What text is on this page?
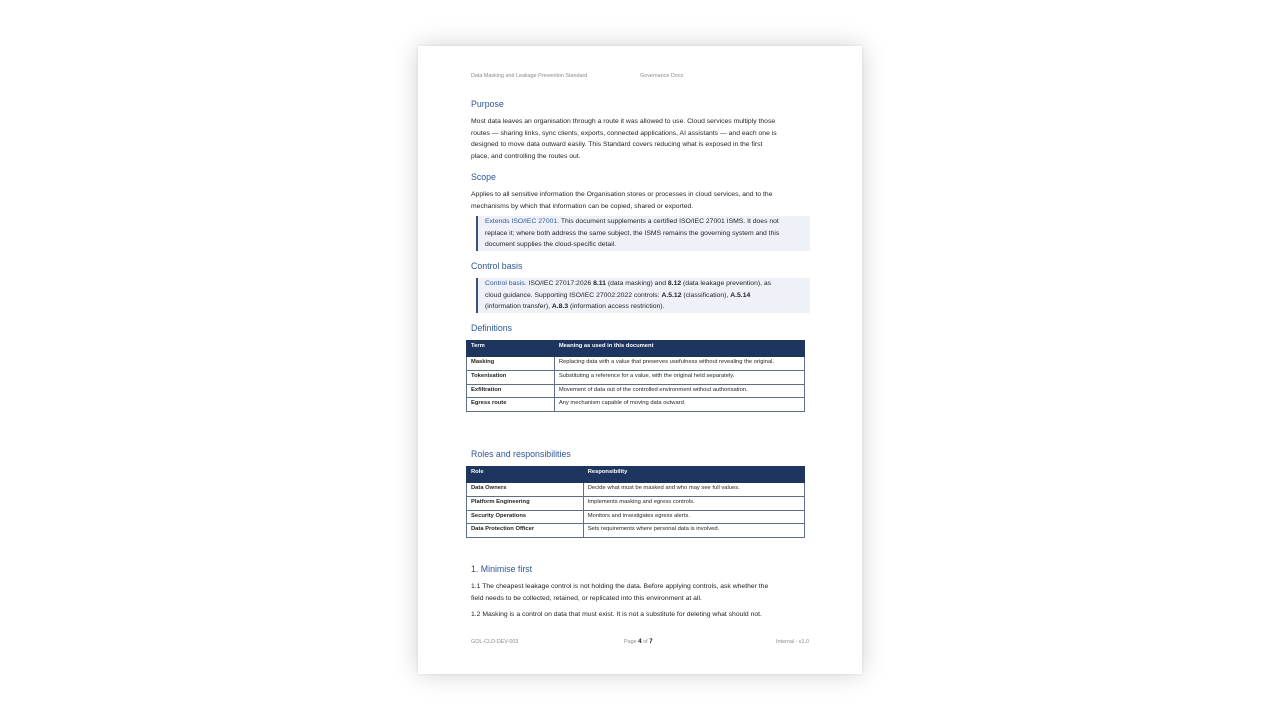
Data Masking and Leakage Prevention Standard	Governance Docs
Purpose
Most data leaves an organisation through a route it was allowed to use. Cloud services multiply those
routes — sharing links, sync clients, exports, connected applications, AI assistants — and each one is
designed to move data outward easily. This Standard covers reducing what is exposed in the first
place, and controlling the routes out.
Scope
Applies to all sensitive information the Organisation stores or processes in cloud services, and to the
mechanisms by which that information can be copied, shared or exported.
Extends ISO/IEC 27001. This document supplements a certified ISO/IEC 27001 ISMS. It does not
replace it; where both address the same subject, the ISMS remains the governing system and this
document supplies the cloud-specific detail.
Control basis
Control basis. ISO/IEC 27017:2026 8.11 (data masking) and 8.12 (data leakage prevention), as
cloud guidance. Supporting ISO/IEC 27002:2022 controls: A.5.12 (classification), A.5.14
(information transfer), A.8.3 (information access restriction).
Definitions
Term	Meaning as used in this document
Masking	Replacing data with a value that preserves usefulness without revealing the original.
Tokenisation	Substituting a reference for a value, with the original held separately.
Exfiltration	Movement of data out of the controlled environment without authorisation.
Egress route	Any mechanism capable of moving data outward.
Roles and responsibilities
Role	Responsibility
Data Owners	Decide what must be masked and who may see full values.
Platform Engineering	Implements masking and egress controls.
Security Operations	Monitors and investigates egress alerts.
Data Protection Officer	Sets requirements where personal data is involved.
1. Minimise first
1.1 The cheapest leakage control is not holding the data. Before applying controls, ask whether the
field needs to be collected, retained, or replicated into this environment at all.
1.2 Masking is a control on data that must exist. It is not a substitute for deleting what should not.
GOL-CLD-DEV-003	Page 4 of 7	Internal - v1.0
